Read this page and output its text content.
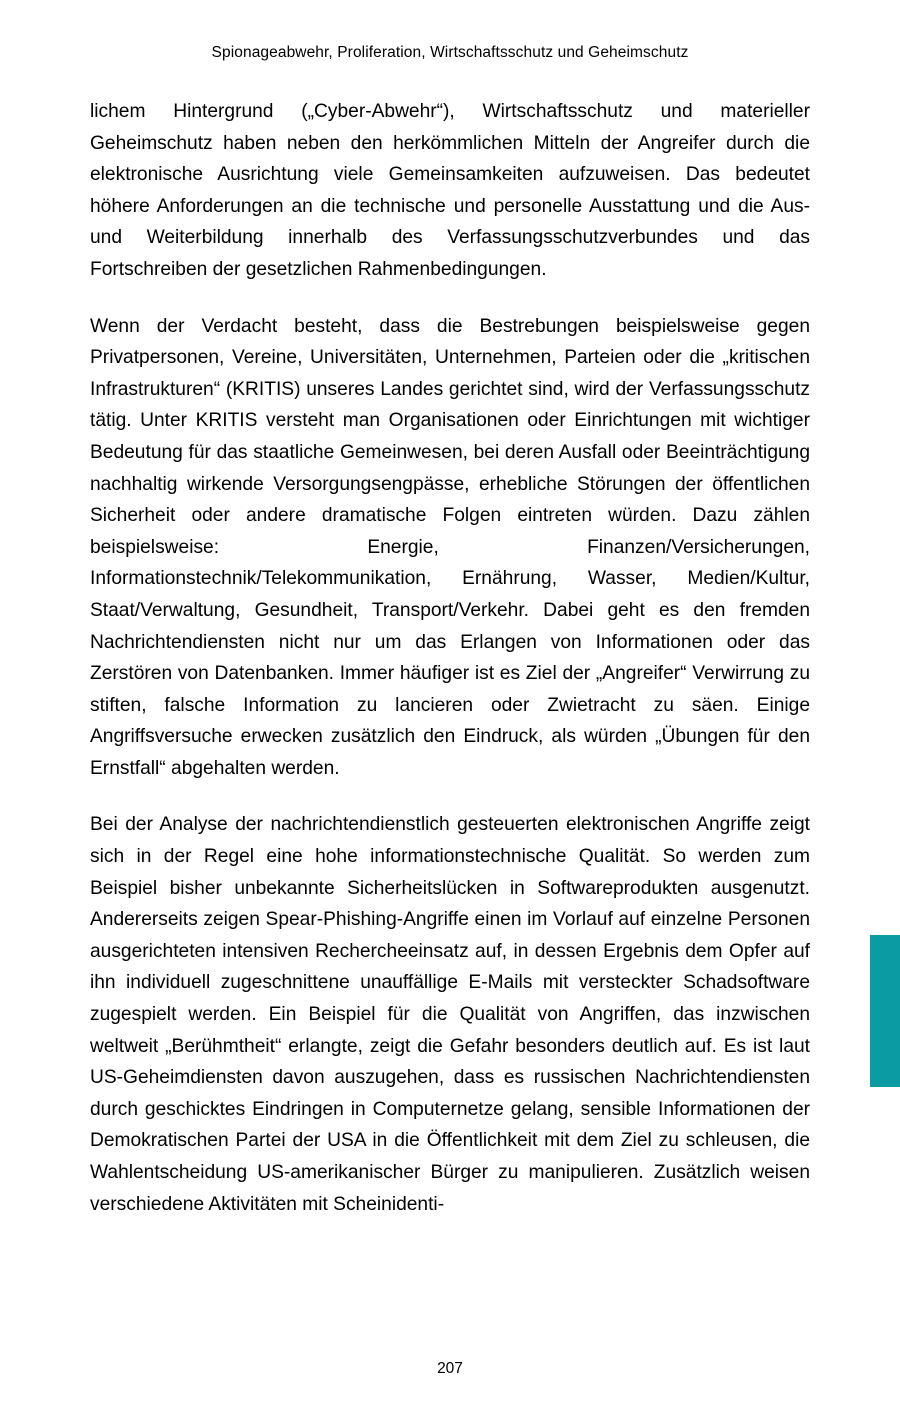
Spionageabwehr, Proliferation, Wirtschaftsschutz und Geheimschutz

lichem Hintergrund („Cyber-Abwehr“), Wirtschaftsschutz und materieller Geheimschutz haben neben den herkömmlichen Mitteln der Angreifer durch die elektronische Ausrichtung viele Gemeinsamkeiten aufzuweisen. Das bedeutet höhere Anforderungen an die technische und personelle Ausstattung und die Aus- und Weiterbildung innerhalb des Verfassungsschutzverbundes und das Fortschreiben der gesetzlichen Rahmenbedingungen.

Wenn der Verdacht besteht, dass die Bestrebungen beispielsweise gegen Privatpersonen, Vereine, Universitäten, Unternehmen, Parteien oder die „kritischen Infrastrukturen“ (KRITIS) unseres Landes gerichtet sind, wird der Verfassungsschutz tätig. Unter KRITIS versteht man Organisationen oder Einrichtungen mit wichtiger Bedeutung für das staatliche Gemeinwesen, bei deren Ausfall oder Beeinträchtigung nachhaltig wirkende Versorgungsengpässe, erhebliche Störungen der öffentlichen Sicherheit oder andere dramatische Folgen eintreten würden. Dazu zählen beispielsweise: Energie, Finanzen/Versicherungen, Informationstechnik/Telekommunikation, Ernährung, Wasser, Medien/Kultur, Staat/Verwaltung, Gesundheit, Transport/Verkehr. Dabei geht es den fremden Nachrichtendiensten nicht nur um das Erlangen von Informationen oder das Zerstören von Datenbanken. Immer häufiger ist es Ziel der „Angreifer“ Verwirrung zu stiften, falsche Information zu lancieren oder Zwietracht zu säen. Einige Angriffsversuche erwecken zusätzlich den Eindruck, als würden „Übungen für den Ernstfall“ abgehalten werden.

Bei der Analyse der nachrichtendienstlich gesteuerten elektronischen Angriffe zeigt sich in der Regel eine hohe informationstechnische Qualität. So werden zum Beispiel bisher unbekannte Sicherheitslücken in Softwareprodukten ausgenutzt. Andererseits zeigen Spear-Phishing-Angriffe einen im Vorlauf auf einzelne Personen ausgerichteten intensiven Rechercheeinsatz auf, in dessen Ergebnis dem Opfer auf ihn individuell zugeschnittene unauffällige E-Mails mit versteckter Schadsoftware zugespielt werden. Ein Beispiel für die Qualität von Angriffen, das inzwischen weltweit „Berühmtheit“ erlangte, zeigt die Gefahr besonders deutlich auf. Es ist laut US-Geheimdiensten davon auszugehen, dass es russischen Nachrichtendiensten durch geschicktes Eindringen in Computernetze gelang, sensible Informationen der Demokratischen Partei der USA in die Öffentlichkeit mit dem Ziel zu schleusen, die Wahlentscheidung US-amerikanischer Bürger zu manipulieren. Zusätzlich weisen verschiedene Aktivitäten mit Scheinidenti-

207
